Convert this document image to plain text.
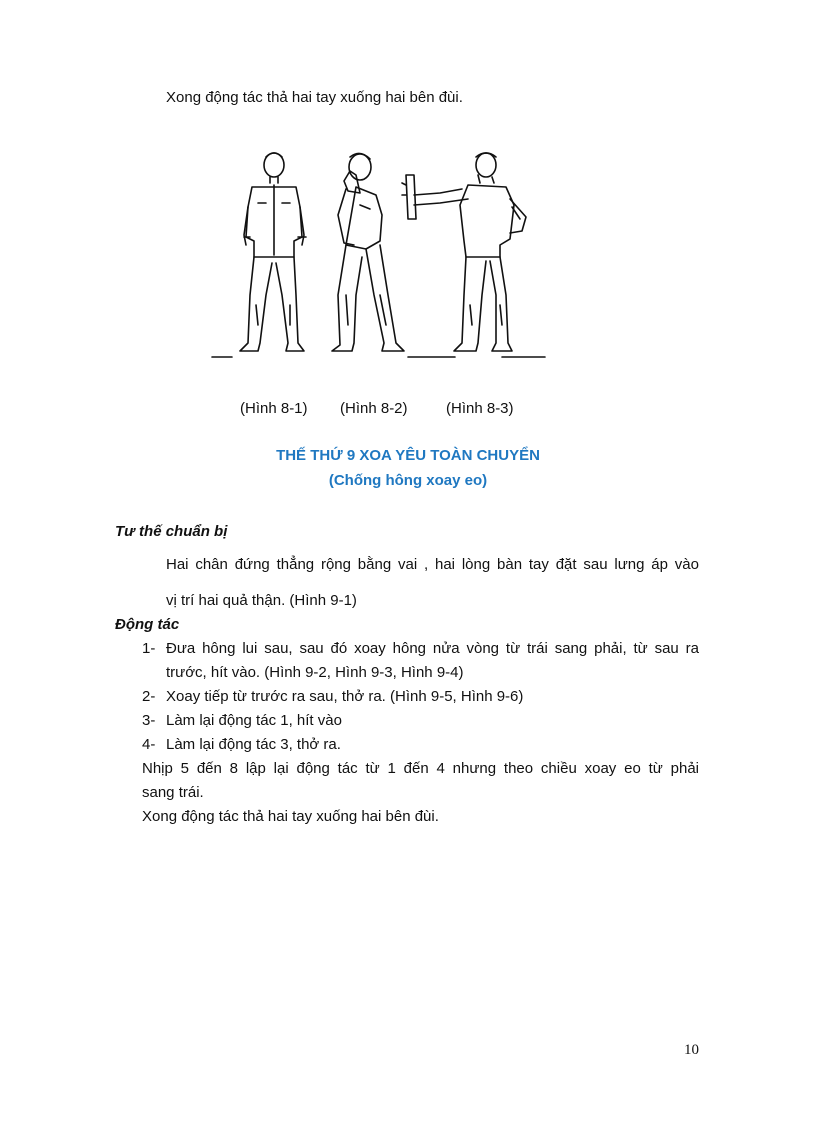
Xong động tác thả hai tay xuống hai bên đùi.
(Hình 8-1) (Hình 8-2)	(Hình 8-3)
THẾ THỨ 9 XOA YÊU TOÀN CHUYỂN
(Chống hông xoay eo)
Tư thế chuẩn bị
Hai chân đứng thẳng rộng bằng vai , hai lòng bàn tay đặt sau lưng áp vào
vị trí hai quả thận. (Hình 9-1)
Động tác
1- Đưa hông lui sau, sau đó xoay hông nửa vòng từ trái sang phải, từ sau ra
trước, hít vào. (Hình 9-2, Hình 9-3, Hình 9-4)
2- Xoay tiếp từ trước ra sau, thở ra. (Hình 9-5, Hình 9-6)
3- Làm lại động tác 1, hít vào
4- Làm lại động tác 3, thở ra.
Nhịp 5 đến 8 lập lại động tác từ 1 đến 4 nhưng theo chiều xoay eo từ phải
sang trái.
Xong động tác thả hai tay xuống hai bên đùi.
10
